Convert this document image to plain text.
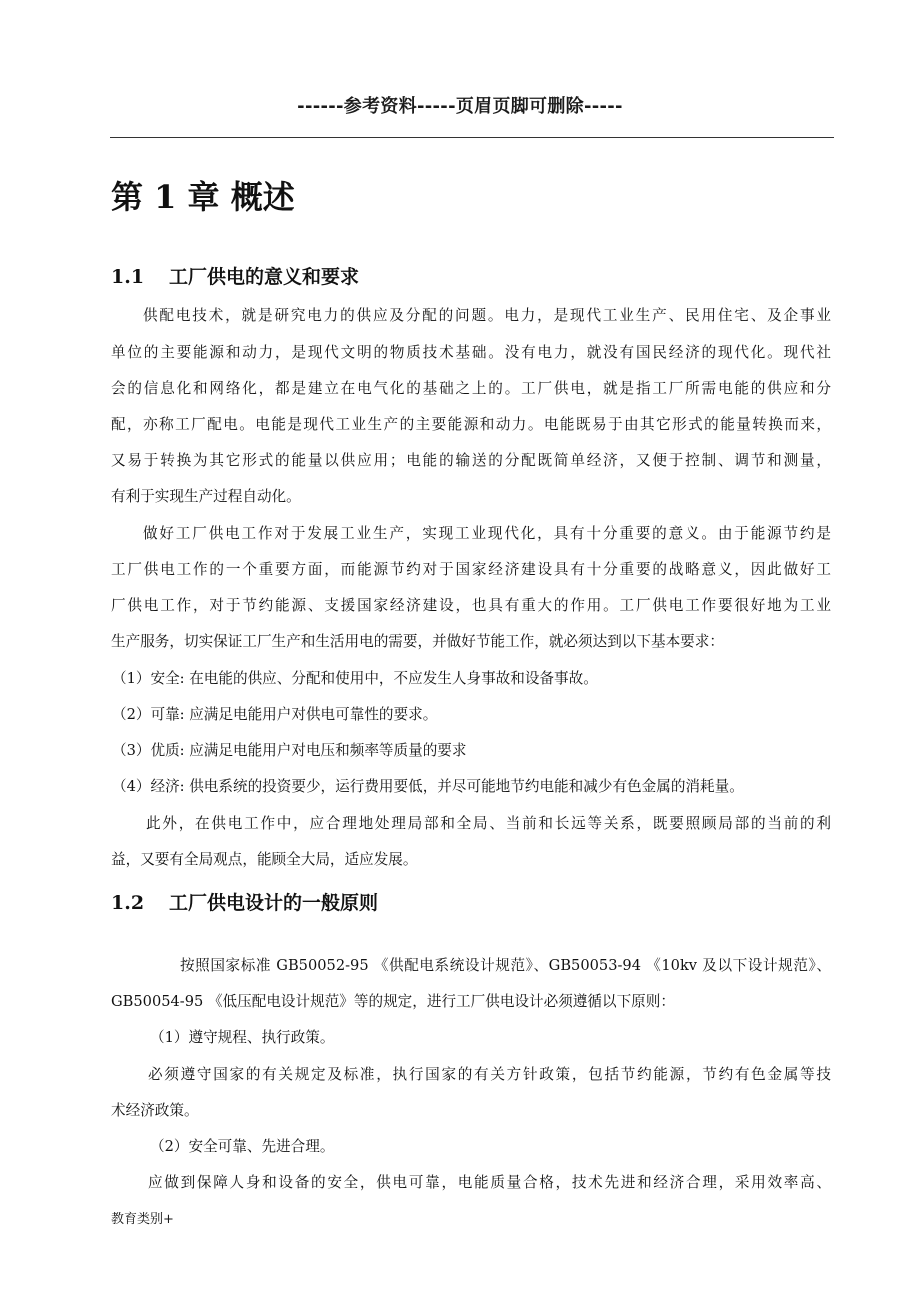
------参考资料-----页眉页脚可删除-----
第 1 章 概述
1.1 工厂供电的意义和要求
供配电技术，就是研究电力的供应及分配的问题。电力，是现代工业生产、民用住宅、及企事业
单位的主要能源和动力，是现代文明的物质技术基础。没有电力，就没有国民经济的现代化。现代社
会的信息化和网络化，都是建立在电气化的基础之上的。工厂供电，就是指工厂所需电能的供应和分
配，亦称工厂配电。电能是现代工业生产的主要能源和动力。电能既易于由其它形式的能量转换而来，
又易于转换为其它形式的能量以供应用；电能的输送的分配既简单经济，又便于控制、调节和测量，
有利于实现生产过程自动化。
做好工厂供电工作对于发展工业生产，实现工业现代化，具有十分重要的意义。由于能源节约是
工厂供电工作的一个重要方面，而能源节约对于国家经济建设具有十分重要的战略意义，因此做好工
厂供电工作，对于节约能源、支援国家经济建设，也具有重大的作用。工厂供电工作要很好地为工业
生产服务，切实保证工厂生产和生活用电的需要，并做好节能工作，就必须达到以下基本要求：
（1）安全: 在电能的供应、分配和使用中，不应发生人身事故和设备事故。
（2）可靠: 应满足电能用户对供电可靠性的要求。
（3）优质: 应满足电能用户对电压和频率等质量的要求
（4）经济: 供电系统的投资要少，运行费用要低，并尽可能地节约电能和减少有色金属的消耗量。
此外，在供电工作中，应合理地处理局部和全局、当前和长远等关系，既要照顾局部的当前的利
益，又要有全局观点，能顾全大局，适应发展。
1.2 工厂供电设计的一般原则
按照国家标准 GB50052-95 《供配电系统设计规范》、GB50053-94 《10kv 及以下设计规范》、
GB50054-95 《低压配电设计规范》等的规定，进行工厂供电设计必须遵循以下原则：
（1）遵守规程、执行政策。
必须遵守国家的有关规定及标准，执行国家的有关方针政策，包括节约能源，节约有色金属等技
术经济政策。
（2）安全可靠、先进合理。
应做到保障人身和设备的安全，供电可靠，电能质量合格，技术先进和经济合理，采用效率高、
教育类别+
